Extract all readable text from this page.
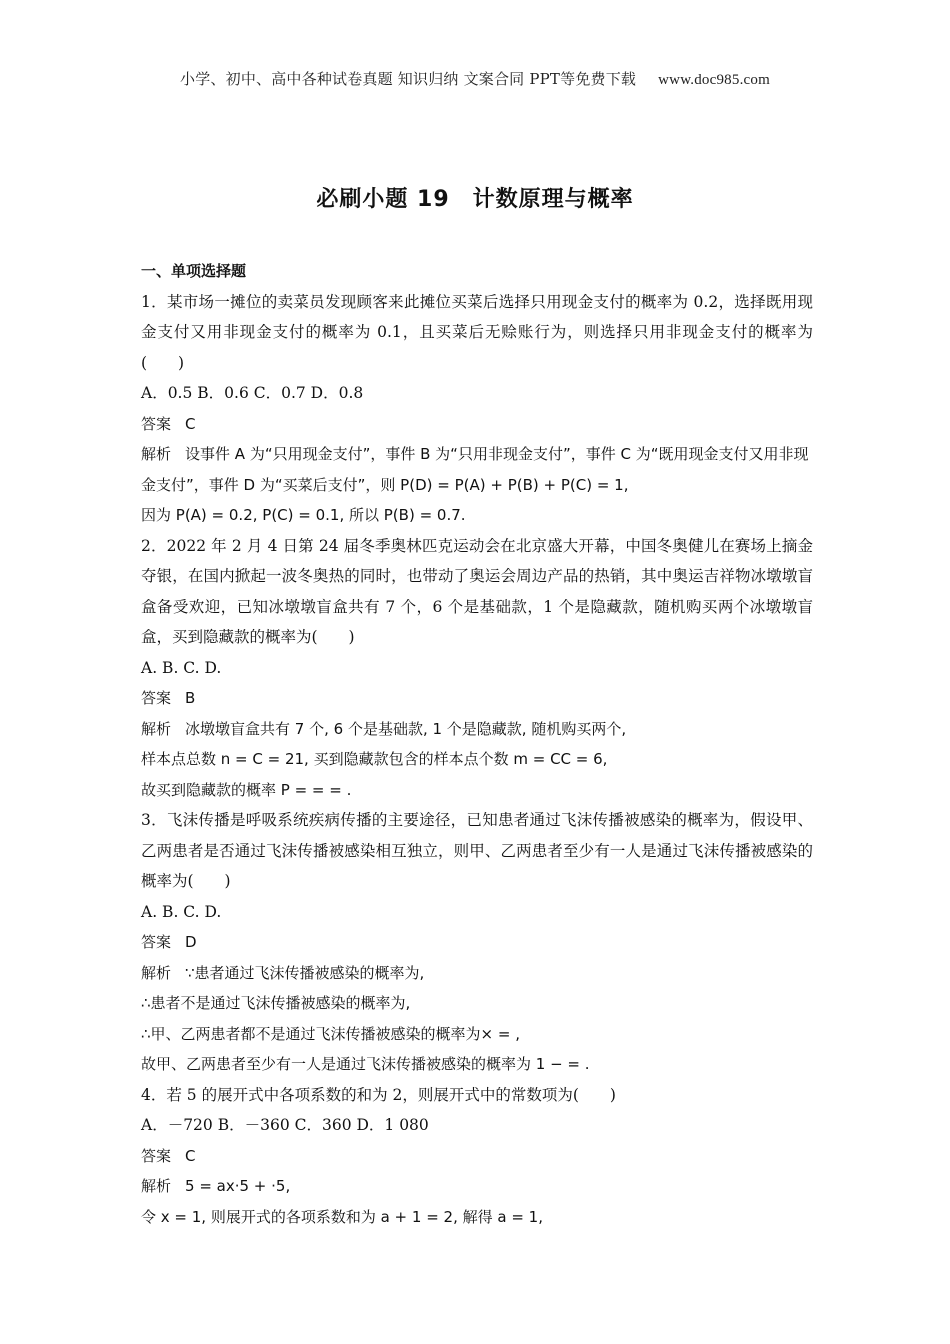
小学、初中、高中各种试卷真题 知识归纳 文案合同 PPT等免费下载 www.doc985.com
必刷小题 19　计数原理与概率

一、单项选择题

1．某市场一摊位的卖菜员发现顾客来此摊位买菜后选择只用现金支付的概率为 0.2，选择既用现金支付又用非现金支付的概率为 0.1，且买菜后无赊账行为，则选择只用非现金支付的概率为(　　)

A．0.5 B．0.6 C．0.7 D．0.8

答案 C

解析 设事件 A 为“只用现金支付”，事件 B 为“只用非现金支付”，事件 C 为“既用现金支付又用非现金支付”，事件 D 为“买菜后支付”，则 P(D) = P(A) + P(B) + P(C) = 1,

因为 P(A) = 0.2, P(C) = 0.1, 所以 P(B) = 0.7.

2．2022 年 2 月 4 日第 24 届冬季奥林匹克运动会在北京盛大开幕，中国冬奥健儿在赛场上摘金夺银，在国内掀起一波冬奥热的同时，也带动了奥运会周边产品的热销，其中奥运吉祥物冰墩墩盲盒备受欢迎，已知冰墩墩盲盒共有 7 个，6 个是基础款，1 个是隐藏款，随机购买两个冰墩墩盲盒，买到隐藏款的概率为(　　)

A. B. C. D.

答案 B

解析 冰墩墩盲盒共有 7 个, 6 个是基础款, 1 个是隐藏款, 随机购买两个,

样本点总数 n = C = 21, 买到隐藏款包含的样本点个数 m = CC = 6,

故买到隐藏款的概率 P = = = .

3．飞沫传播是呼吸系统疾病传播的主要途径，已知患者通过飞沫传播被感染的概率为，假设甲、乙两患者是否通过飞沫传播被感染相互独立，则甲、乙两患者至少有一人是通过飞沫传播被感染的概率为(　　)

A. B. C. D.

答案 D

解析 ∵患者通过飞沫传播被感染的概率为,

∴患者不是通过飞沫传播被感染的概率为,

∴甲、乙两患者都不是通过飞沫传播被感染的概率为× = ,

故甲、乙两患者至少有一人是通过飞沫传播被感染的概率为 1 − = .

4．若 5 的展开式中各项系数的和为 2，则展开式中的常数项为(　　)

A．－720 B．－360 C．360 D．1 080

答案 C

解析 5 = ax·5 + ·5,

令 x = 1, 则展开式的各项系数和为 a + 1 = 2, 解得 a = 1,
